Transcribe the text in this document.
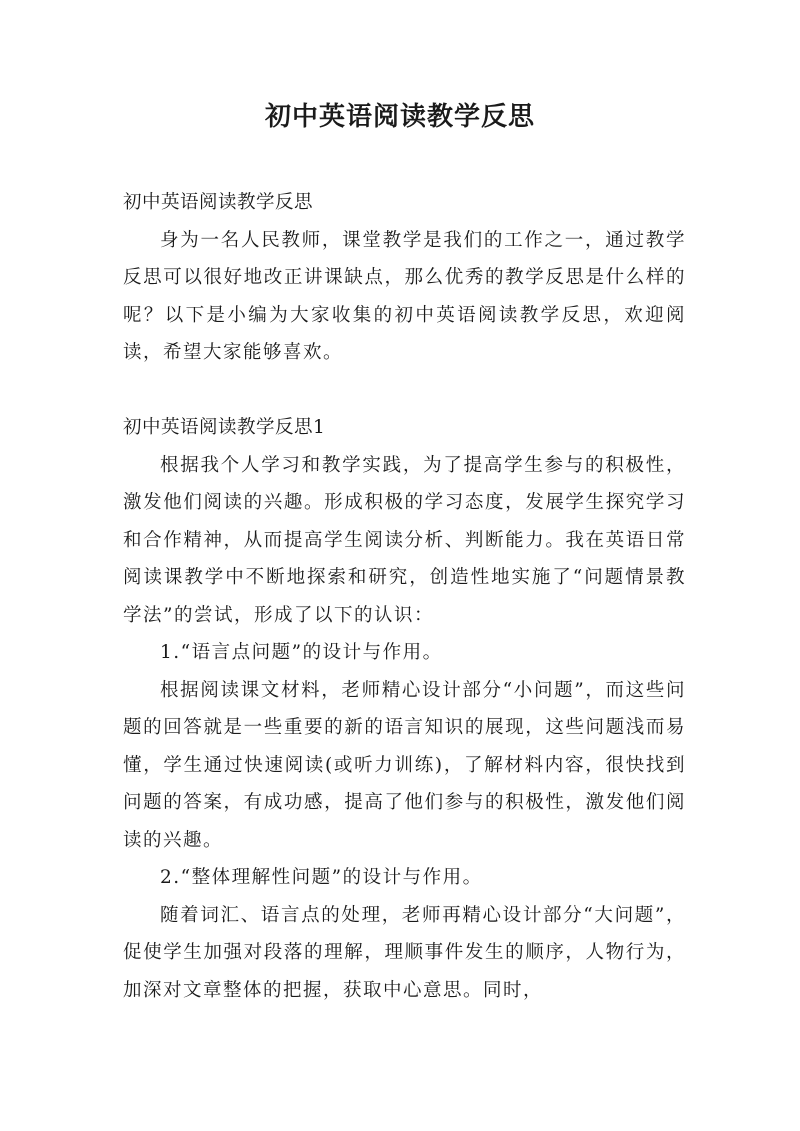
初中英语阅读教学反思

初中英语阅读教学反思

身为一名人民教师，课堂教学是我们的工作之一，通过教学反思可以很好地改正讲课缺点，那么优秀的教学反思是什么样的呢？以下是小编为大家收集的初中英语阅读教学反思，欢迎阅读，希望大家能够喜欢。

初中英语阅读教学反思1

根据我个人学习和教学实践，为了提高学生参与的积极性，激发他们阅读的兴趣。形成积极的学习态度，发展学生探究学习和合作精神，从而提高学生阅读分析、判断能力。我在英语日常阅读课教学中不断地探索和研究，创造性地实施了“问题情景教学法”的尝试，形成了以下的认识：

1.“语言点问题”的设计与作用。

根据阅读课文材料，老师精心设计部分“小问题”，而这些问题的回答就是一些重要的新的语言知识的展现，这些问题浅而易懂，学生通过快速阅读(或听力训练)，了解材料内容，很快找到问题的答案，有成功感，提高了他们参与的积极性，激发他们阅读的兴趣。

2.“整体理解性问题”的设计与作用。

随着词汇、语言点的处理，老师再精心设计部分“大问题”，促使学生加强对段落的理解，理顺事件发生的顺序，人物行为，加深对文章整体的把握，获取中心意思。同时，
